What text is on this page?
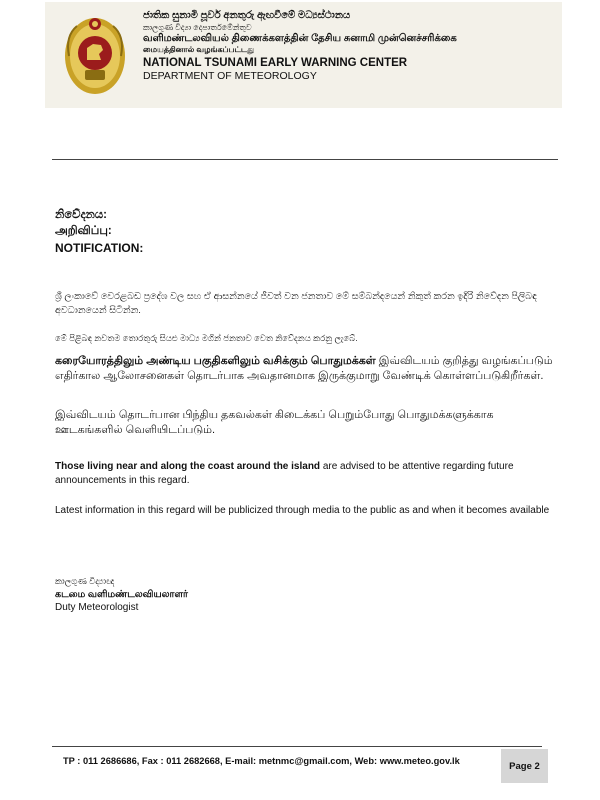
ජාතික සුනාමි පූර්ව අනතුරු ඇඟවීමේ මධ්‍යස්ථානය
කාලගුණ විද්‍යා දෙපාර්තමේන්තුව
வளிமண்டலவியல் திணைக்களத்தின் தேசிய சுனாமி முன்னெச்சரிக்கை
மையத்தினால் வழங்கப்பட்டது
NATIONAL TSUNAMI EARLY WARNING CENTER
DEPARTMENT OF METEOROLOGY
නිවේදනය:
அறிவிப்பு:
NOTIFICATION:
ශ්‍රී ලංකාවේ වෙරළබඩ ප්‍රදේශ වල සහ ඒ ආසන්නයේ ජීවත් වන ජනතාව මේ සම්බන්දයෙන් නිකුත් කරන ඉදිරි නිවේදන පිලිබඳ අවධානයෙන් සිටින්න.
මේ පිළිබඳ නවතම තොරතුරු සියළු මාධ්‍ය මගින් ජනතාව වෙත නිවේදනය කරනු ලැබේ.
கரையோரத்திலும் அண்டிய பகுதிகளிலும் வசிக்கும் பொதுமக்கள் இவ்விடயம் குறித்து வழங்கப்படும் எதிர்கால ஆலோசனைகள் தொடர்பாக அவதானமாக இருக்குமாறு வேண்டிக் கொள்ளப்படுகிறீர்கள்.
இவ்விடயம் தொடர்பான பிந்திய தகவல்கள் கிடைக்கப் பெறும்போது பொதுமக்களுக்காக ஊடகங்களில் வெளியிடப்படும்.
Those living near and along the coast around the island are advised to be attentive regarding future announcements in this regard.
Latest information in this regard will be publicized through media to the public as and when it becomes available
කාලගුණ විද්‍යාඥ
கடமை வளிமண்டலவியலாளர்
Duty Meteorologist
TP : 011 2686686, Fax : 011 2682668, E-mail: metnmc@gmail.com, Web: www.meteo.gov.lk	Page 2
